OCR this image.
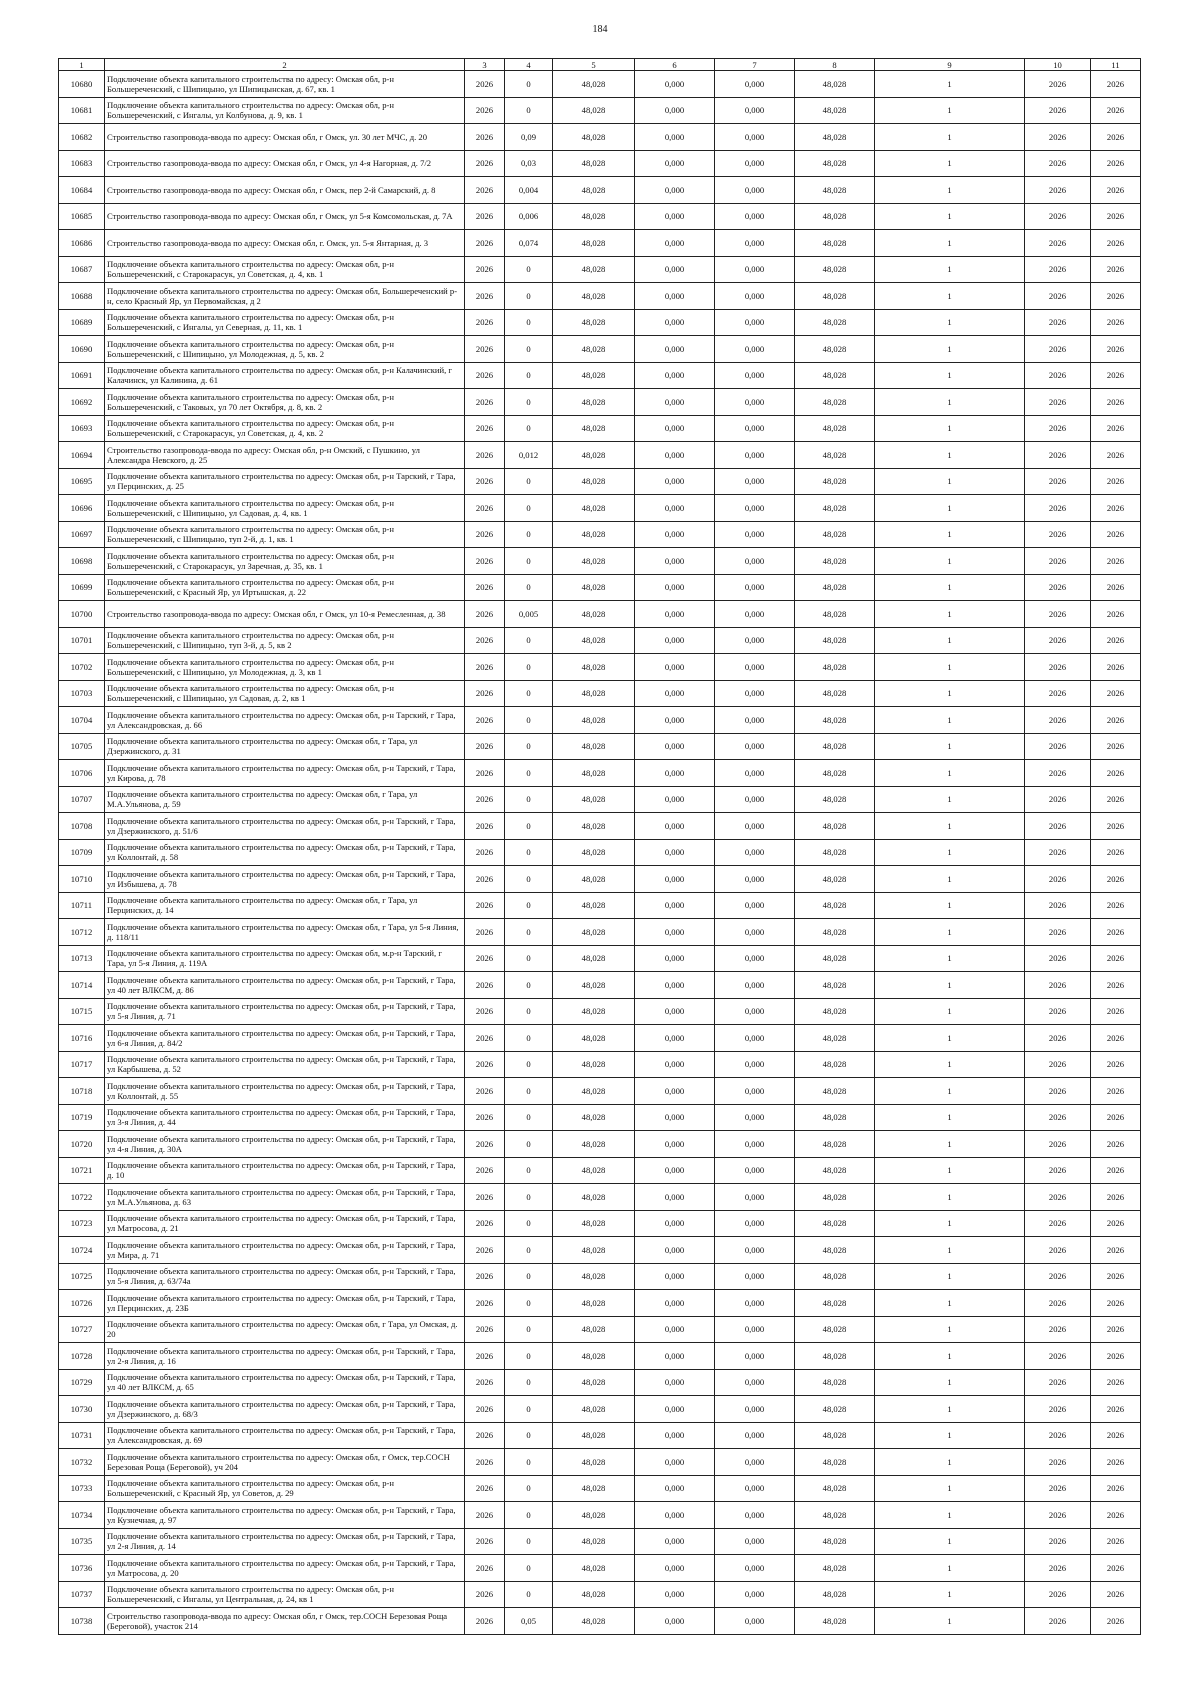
184
1	2	3	4	5	6	7	8	9	10	11
10680	Подключение объекта капитального строительства по адресу: Омская обл, р-н Большереченский, с Шипицыно, ул Шипицынская, д. 67, кв. 1	2026	0	48,028	0,000	0,000	48,028	1	2026	2026
10681	Подключение объекта капитального строительства по адресу: Омская обл, р-н Большереченский, с Ингалы, ул Колбунова, д. 9, кв. 1	2026	0	48,028	0,000	0,000	48,028	1	2026	2026
10682	Строительство газопровода-ввода по адресу: Омская обл, г Омск, ул. 30 лет МЧС, д. 20	2026	0,09	48,028	0,000	0,000	48,028	1	2026	2026
10683	Строительство газопровода-ввода по адресу: Омская обл, г Омск, ул 4-я Нагорная, д. 7/2	2026	0,03	48,028	0,000	0,000	48,028	1	2026	2026
10684	Строительство газопровода-ввода по адресу: Омская обл, г Омск, пер 2-й Самарский, д. 8	2026	0,004	48,028	0,000	0,000	48,028	1	2026	2026
10685	Строительство газопровода-ввода по адресу: Омская обл, г Омск, ул 5-я Комсомольская, д. 7А	2026	0,006	48,028	0,000	0,000	48,028	1	2026	2026
10686	Строительство газопровода-ввода по адресу: Омская обл, г. Омск, ул. 5-я Янтарная, д. 3	2026	0,074	48,028	0,000	0,000	48,028	1	2026	2026
10687	Подключение объекта капитального строительства по адресу: Омская обл, р-н Большереченский, с Старокарасук, ул Советская, д. 4, кв. 1	2026	0	48,028	0,000	0,000	48,028	1	2026	2026
10688	Подключение объекта капитального строительства по адресу: Омская обл, Большереченский р-н, село Красный Яр, ул Первомайская, д 2	2026	0	48,028	0,000	0,000	48,028	1	2026	2026
10689	Подключение объекта капитального строительства по адресу: Омская обл, р-н Большереченский, с Ингалы, ул Северная, д. 11, кв. 1	2026	0	48,028	0,000	0,000	48,028	1	2026	2026
10690	Подключение объекта капитального строительства по адресу: Омская обл, р-н Большереченский, с Шипицыно, ул Молодежная, д. 5, кв. 2	2026	0	48,028	0,000	0,000	48,028	1	2026	2026
10691	Подключение объекта капитального строительства по адресу: Омская обл, р-н Калачинский, г Калачинск, ул Калинина, д. 61	2026	0	48,028	0,000	0,000	48,028	1	2026	2026
10692	Подключение объекта капитального строительства по адресу: Омская обл, р-н Большереченский, с Таковых, ул 70 лет Октября, д. 8, кв. 2	2026	0	48,028	0,000	0,000	48,028	1	2026	2026
10693	Подключение объекта капитального строительства по адресу: Омская обл, р-н Большереченский, с Старокарасук, ул Советская, д. 4, кв. 2	2026	0	48,028	0,000	0,000	48,028	1	2026	2026
10694	Строительство газопровода-ввода по адресу: Омская обл, р-н Омский, с Пушкино, ул Александра Невского, д. 25	2026	0,012	48,028	0,000	0,000	48,028	1	2026	2026
10695	Подключение объекта капитального строительства по адресу: Омская обл, р-н Тарский, г Тара, ул Перцинских, д. 25	2026	0	48,028	0,000	0,000	48,028	1	2026	2026
10696	Подключение объекта капитального строительства по адресу: Омская обл, р-н Большереченский, с Шипицыно, ул Садовая, д. 4, кв. 1	2026	0	48,028	0,000	0,000	48,028	1	2026	2026
10697	Подключение объекта капитального строительства по адресу: Омская обл, р-н Большереченский, с Шипицыно, туп 2-й, д. 1, кв. 1	2026	0	48,028	0,000	0,000	48,028	1	2026	2026
10698	Подключение объекта капитального строительства по адресу: Омская обл, р-н Большереченский, с Старокарасук, ул Заречная, д. 35, кв. 1	2026	0	48,028	0,000	0,000	48,028	1	2026	2026
10699	Подключение объекта капитального строительства по адресу: Омская обл, р-н Большереченский, с Красный Яр, ул Иртышская, д. 22	2026	0	48,028	0,000	0,000	48,028	1	2026	2026
10700	Строительство газопровода-ввода по адресу: Омская обл, г Омск, ул 10-я Ремесленная, д. 38	2026	0,005	48,028	0,000	0,000	48,028	1	2026	2026
10701	Подключение объекта капитального строительства по адресу: Омская обл, р-н Большереченский, с Шипицыно, туп 3-й, д. 5, кв 2	2026	0	48,028	0,000	0,000	48,028	1	2026	2026
10702	Подключение объекта капитального строительства по адресу: Омская обл, р-н Большереченский, с Шипицыно, ул Молодежная, д. 3, кв 1	2026	0	48,028	0,000	0,000	48,028	1	2026	2026
10703	Подключение объекта капитального строительства по адресу: Омская обл, р-н Большереченский, с Шипицыно, ул Садовая, д. 2, кв 1	2026	0	48,028	0,000	0,000	48,028	1	2026	2026
10704	Подключение объекта капитального строительства по адресу: Омская обл, р-н Тарский, г Тара, ул Александровская, д. 66	2026	0	48,028	0,000	0,000	48,028	1	2026	2026
10705	Подключение объекта капитального строительства по адресу: Омская обл, г Тара, ул Дзержинского, д. 31	2026	0	48,028	0,000	0,000	48,028	1	2026	2026
10706	Подключение объекта капитального строительства по адресу: Омская обл, р-н Тарский, г Тара, ул Кирова, д. 78	2026	0	48,028	0,000	0,000	48,028	1	2026	2026
10707	Подключение объекта капитального строительства по адресу: Омская обл, г Тара, ул М.А.Ульянова, д. 59	2026	0	48,028	0,000	0,000	48,028	1	2026	2026
10708	Подключение объекта капитального строительства по адресу: Омская обл, р-н Тарский, г Тара, ул Дзержинского, д. 51/6	2026	0	48,028	0,000	0,000	48,028	1	2026	2026
10709	Подключение объекта капитального строительства по адресу: Омская обл, р-н Тарский, г Тара, ул Коллонтай, д. 58	2026	0	48,028	0,000	0,000	48,028	1	2026	2026
10710	Подключение объекта капитального строительства по адресу: Омская обл, р-н Тарский, г Тара, ул Избышева, д. 78	2026	0	48,028	0,000	0,000	48,028	1	2026	2026
10711	Подключение объекта капитального строительства по адресу: Омская обл, г Тара, ул Перцинских, д. 14	2026	0	48,028	0,000	0,000	48,028	1	2026	2026
10712	Подключение объекта капитального строительства по адресу: Омская обл, г Тара, ул 5-я Линия, д. 118/11	2026	0	48,028	0,000	0,000	48,028	1	2026	2026
10713	Подключение объекта капитального строительства по адресу: Омская обл, м.р-н Тарский, г Тара, ул 5-я Линия, д. 119А	2026	0	48,028	0,000	0,000	48,028	1	2026	2026
10714	Подключение объекта капитального строительства по адресу: Омская обл, р-н Тарский, г Тара, ул 40 лет ВЛКСМ, д. 86	2026	0	48,028	0,000	0,000	48,028	1	2026	2026
10715	Подключение объекта капитального строительства по адресу: Омская обл, р-н Тарский, г Тара, ул 5-я Линия, д. 71	2026	0	48,028	0,000	0,000	48,028	1	2026	2026
10716	Подключение объекта капитального строительства по адресу: Омская обл, р-н Тарский, г Тара, ул 6-я Линия, д. 84/2	2026	0	48,028	0,000	0,000	48,028	1	2026	2026
10717	Подключение объекта капитального строительства по адресу: Омская обл, р-н Тарский, г Тара, ул Карбышева, д. 52	2026	0	48,028	0,000	0,000	48,028	1	2026	2026
10718	Подключение объекта капитального строительства по адресу: Омская обл, р-н Тарский, г Тара, ул Коллонтай, д. 55	2026	0	48,028	0,000	0,000	48,028	1	2026	2026
10719	Подключение объекта капитального строительства по адресу: Омская обл, р-н Тарский, г Тара, ул 3-я Линия, д. 44	2026	0	48,028	0,000	0,000	48,028	1	2026	2026
10720	Подключение объекта капитального строительства по адресу: Омская обл, р-н Тарский, г Тара, ул 4-я Линия, д. 30А	2026	0	48,028	0,000	0,000	48,028	1	2026	2026
10721	Подключение объекта капитального строительства по адресу: Омская обл, р-н Тарский, г Тара, д. 10	2026	0	48,028	0,000	0,000	48,028	1	2026	2026
10722	Подключение объекта капитального строительства по адресу: Омская обл, р-н Тарский, г Тара, ул М.А.Ульянова, д. 63	2026	0	48,028	0,000	0,000	48,028	1	2026	2026
10723	Подключение объекта капитального строительства по адресу: Омская обл, р-н Тарский, г Тара, ул Матросова, д. 21	2026	0	48,028	0,000	0,000	48,028	1	2026	2026
10724	Подключение объекта капитального строительства по адресу: Омская обл, р-н Тарский, г Тара, ул Мира, д. 71	2026	0	48,028	0,000	0,000	48,028	1	2026	2026
10725	Подключение объекта капитального строительства по адресу: Омская обл, р-н Тарский, г Тара, ул 5-я Линия, д. 63/74а	2026	0	48,028	0,000	0,000	48,028	1	2026	2026
10726	Подключение объекта капитального строительства по адресу: Омская обл, р-н Тарский, г Тара, ул Перцинских, д. 23Б	2026	0	48,028	0,000	0,000	48,028	1	2026	2026
10727	Подключение объекта капитального строительства по адресу: Омская обл, г Тара, ул Омская, д. 20	2026	0	48,028	0,000	0,000	48,028	1	2026	2026
10728	Подключение объекта капитального строительства по адресу: Омская обл, р-н Тарский, г Тара, ул 2-я Линия, д. 16	2026	0	48,028	0,000	0,000	48,028	1	2026	2026
10729	Подключение объекта капитального строительства по адресу: Омская обл, р-н Тарский, г Тара, ул 40 лет ВЛКСМ, д. 65	2026	0	48,028	0,000	0,000	48,028	1	2026	2026
10730	Подключение объекта капитального строительства по адресу: Омская обл, р-н Тарский, г Тара, ул Дзержинского, д. 68/3	2026	0	48,028	0,000	0,000	48,028	1	2026	2026
10731	Подключение объекта капитального строительства по адресу: Омская обл, р-н Тарский, г Тара, ул Александровская, д. 69	2026	0	48,028	0,000	0,000	48,028	1	2026	2026
10732	Подключение объекта капитального строительства по адресу: Омская обл, г Омск, тер.СОСН Березовая Роща (Береговой), уч 204	2026	0	48,028	0,000	0,000	48,028	1	2026	2026
10733	Подключение объекта капитального строительства по адресу: Омская обл, р-н Большереченский, с Красный Яр, ул Советов, д. 29	2026	0	48,028	0,000	0,000	48,028	1	2026	2026
10734	Подключение объекта капитального строительства по адресу: Омская обл, р-н Тарский, г Тара, ул Кузнечная, д. 97	2026	0	48,028	0,000	0,000	48,028	1	2026	2026
10735	Подключение объекта капитального строительства по адресу: Омская обл, р-н Тарский, г Тара, ул 2-я Линия, д. 14	2026	0	48,028	0,000	0,000	48,028	1	2026	2026
10736	Подключение объекта капитального строительства по адресу: Омская обл, р-н Тарский, г Тара, ул Матросова, д. 20	2026	0	48,028	0,000	0,000	48,028	1	2026	2026
10737	Подключение объекта капитального строительства по адресу: Омская обл, р-н Большереченский, с Ингалы, ул Центральная, д. 24, кв 1	2026	0	48,028	0,000	0,000	48,028	1	2026	2026
10738	Строительство газопровода-ввода по адресу: Омская обл, г Омск, тер.СОСН Березовая Роща (Береговой), участок 214	2026	0,05	48,028	0,000	0,000	48,028	1	2026	2026
